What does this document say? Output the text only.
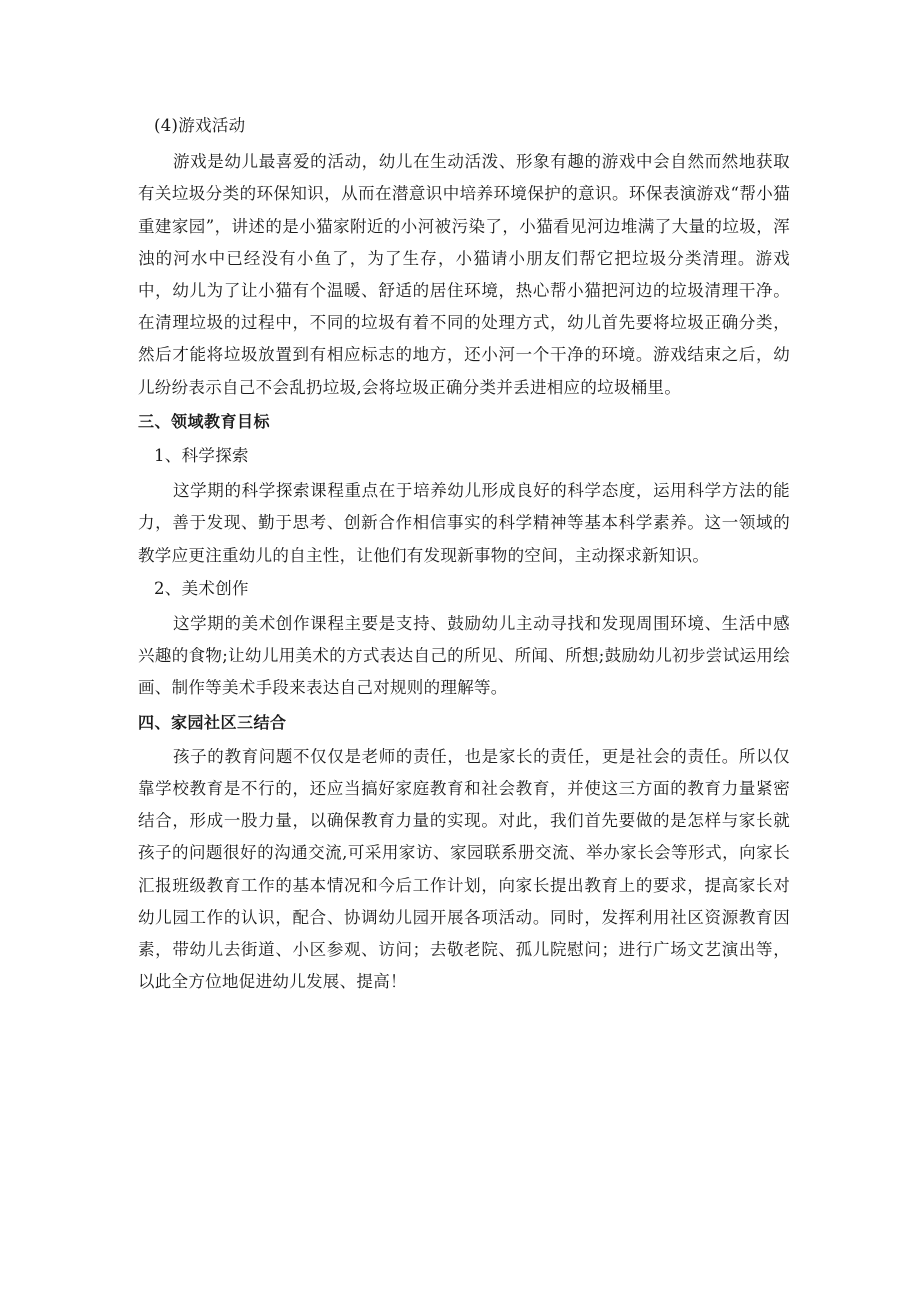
(4)游戏活动

游戏是幼儿最喜爱的活动，幼儿在生动活泼、形象有趣的游戏中会自然而然地获取有关垃圾分类的环保知识，从而在潜意识中培养环境保护的意识。环保表演游戏“帮小猫重建家园”，讲述的是小猫家附近的小河被污染了，小猫看见河边堆满了大量的垃圾，浑浊的河水中已经没有小鱼了，为了生存，小猫请小朋友们帮它把垃圾分类清理。游戏中，幼儿为了让小猫有个温暖、舒适的居住环境，热心帮小猫把河边的垃圾清理干净。在清理垃圾的过程中，不同的垃圾有着不同的处理方式，幼儿首先要将垃圾正确分类，然后才能将垃圾放置到有相应标志的地方，还小河一个干净的环境。游戏结束之后，幼儿纷纷表示自己不会乱扔垃圾,会将垃圾正确分类并丢进相应的垃圾桶里。

三、领域教育目标

1、科学探索

这学期的科学探索课程重点在于培养幼儿形成良好的科学态度，运用科学方法的能力，善于发现、勤于思考、创新合作相信事实的科学精神等基本科学素养。这一领域的教学应更注重幼儿的自主性，让他们有发现新事物的空间，主动探求新知识。

2、美术创作

这学期的美术创作课程主要是支持、鼓励幼儿主动寻找和发现周围环境、生活中感兴趣的食物;让幼儿用美术的方式表达自己的所见、所闻、所想;鼓励幼儿初步尝试运用绘画、制作等美术手段来表达自己对规则的理解等。

四、家园社区三结合

孩子的教育问题不仅仅是老师的责任，也是家长的责任，更是社会的责任。所以仅靠学校教育是不行的，还应当搞好家庭教育和社会教育，并使这三方面的教育力量紧密结合，形成一股力量，以确保教育力量的实现。对此，我们首先要做的是怎样与家长就孩子的问题很好的沟通交流,可采用家访、家园联系册交流、举办家长会等形式，向家长汇报班级教育工作的基本情况和今后工作计划，向家长提出教育上的要求，提高家长对幼儿园工作的认识，配合、协调幼儿园开展各项活动。同时，发挥利用社区资源教育因素，带幼儿去街道、小区参观、访问；去敬老院、孤儿院慰问；进行广场文艺演出等，以此全方位地促进幼儿发展、提高！
